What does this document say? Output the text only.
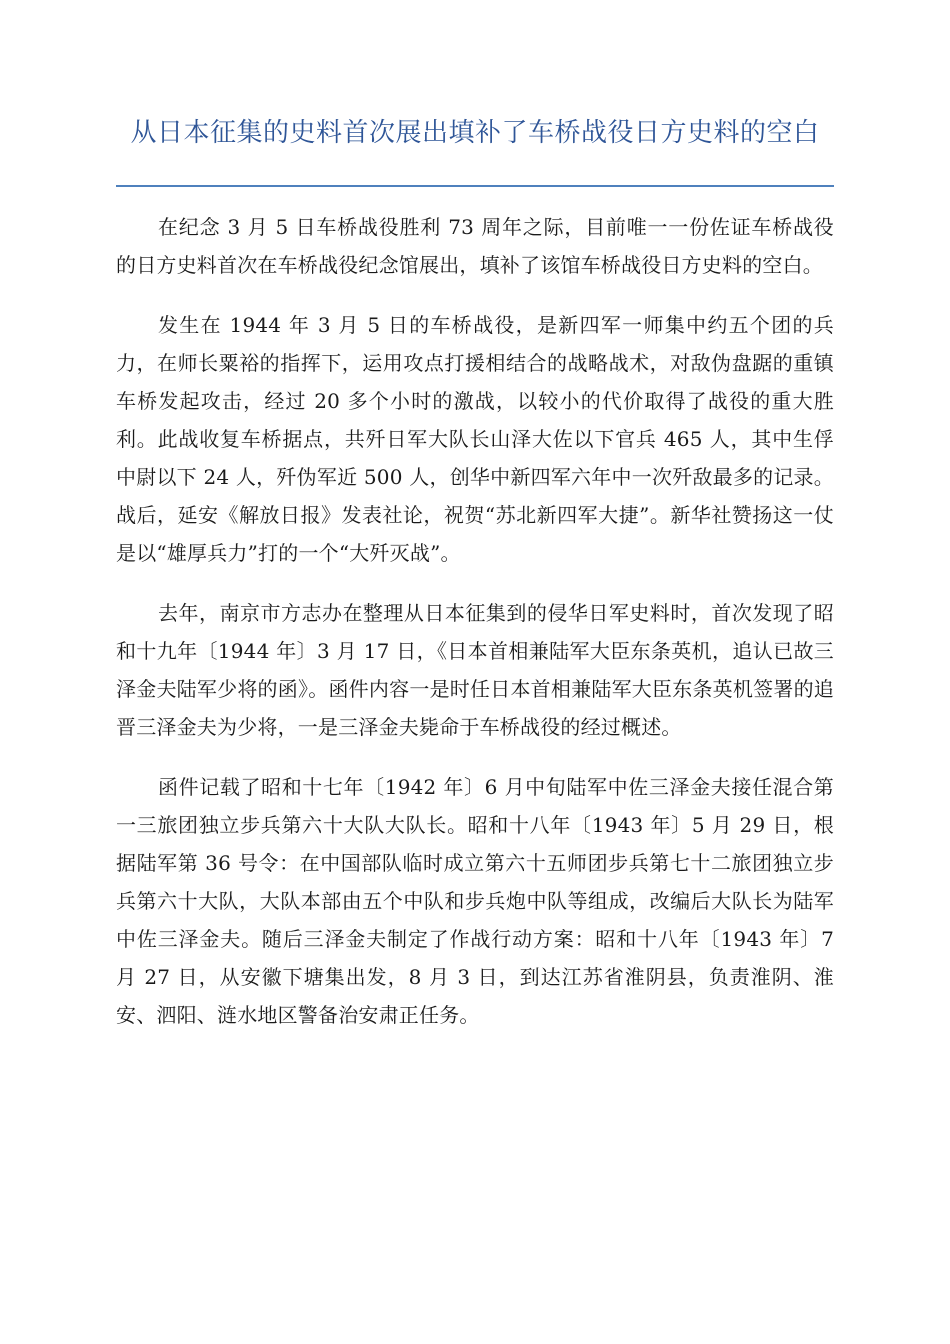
从日本征集的史料首次展出填补了车桥战役日方史料的空白

在纪念 3 月 5 日车桥战役胜利 73 周年之际，目前唯一一份佐证车桥战役的日方史料首次在车桥战役纪念馆展出，填补了该馆车桥战役日方史料的空白。

发生在 1944 年 3 月 5 日的车桥战役，是新四军一师集中约五个团的兵力，在师长粟裕的指挥下，运用攻点打援相结合的战略战术，对敌伪盘踞的重镇车桥发起攻击，经过 20 多个小时的激战，以较小的代价取得了战役的重大胜利。此战收复车桥据点，共歼日军大队长山泽大佐以下官兵 465 人，其中生俘中尉以下 24 人，歼伪军近 500 人，创华中新四军六年中一次歼敌最多的记录。战后，延安《解放日报》发表社论，祝贺“苏北新四军大捷”。新华社赞扬这一仗是以“雄厚兵力”打的一个“大歼灭战”。

去年，南京市方志办在整理从日本征集到的侵华日军史料时，首次发现了昭和十九年〔1944 年〕3 月 17 日，《日本首相兼陆军大臣东条英机，追认已故三泽金夫陆军少将的函》。函件内容一是时任日本首相兼陆军大臣东条英机签署的追晋三泽金夫为少将，一是三泽金夫毙命于车桥战役的经过概述。

函件记载了昭和十七年〔1942 年〕6 月中旬陆军中佐三泽金夫接任混合第一三旅团独立步兵第六十大队大队长。昭和十八年〔1943 年〕5 月 29 日，根据陆军第 36 号令：在中国部队临时成立第六十五师团步兵第七十二旅团独立步兵第六十大队，大队本部由五个中队和步兵炮中队等组成，改编后大队长为陆军中佐三泽金夫。随后三泽金夫制定了作战行动方案：昭和十八年〔1943 年〕7 月 27 日，从安徽下塘集出发，8 月 3 日，到达江苏省淮阴县，负责淮阴、淮安、泗阳、涟水地区警备治安肃正任务。
